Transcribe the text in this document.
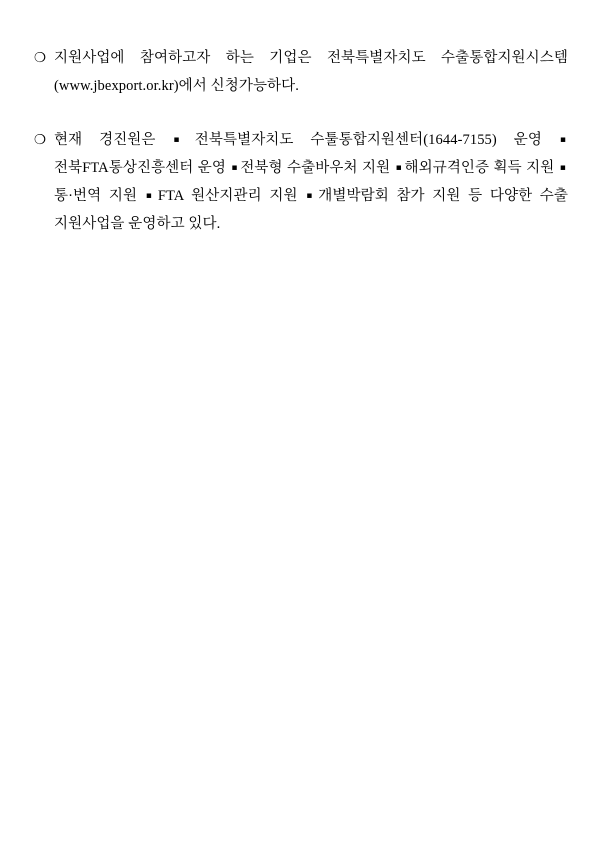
❍ 지원사업에 참여하고자 하는 기업은 전북특별자치도 수출통합지원시스템 (www.jbexport.or.kr)에서 신청가능하다.
❍ 현재 경진원은 ▪ 전북특별자치도 수툴통합지원센터(1644-7155) 운영 ▪전북FTA통상진흥센터 운영 ▪ 전북형 수출바우처 지원 ▪ 해외규격인증 획득 지원 ▪통·번역 지원 ▪ FTA 원산지관리 지원 ▪ 개별박람회 참가 지원 등 다양한 수출 지원사업을 운영하고 있다.
